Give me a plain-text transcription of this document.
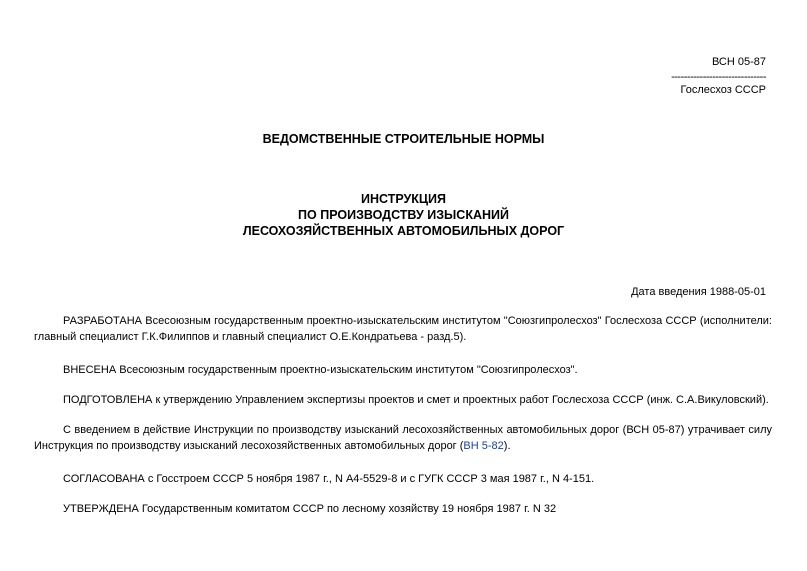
ВСН 05-87
------------------------------
Гослесхоз СССР
ВЕДОМСТВЕННЫЕ СТРОИТЕЛЬНЫЕ НОРМЫ
ИНСТРУКЦИЯ
ПО ПРОИЗВОДСТВУ ИЗЫСКАНИЙ
ЛЕСОХОЗЯЙСТВЕННЫХ АВТОМОБИЛЬНЫХ ДОРОГ
Дата введения 1988-05-01
РАЗРАБОТАНА Всесоюзным государственным проектно-изыскательским институтом "Союзгипролесхоз" Гослесхоза СССР (исполнители: главный специалист Г.К.Филиппов и главный специалист О.Е.Кондратьева - разд.5).
ВНЕСЕНА Всесоюзным государственным проектно-изыскательским институтом "Союзгипролесхоз".
ПОДГОТОВЛЕНА к утверждению Управлением экспертизы проектов и смет и проектных работ Гослесхоза СССР (инж. С.А.Викуловский).
С введением в действие Инструкции по производству изысканий лесохозяйственных автомобильных дорог (ВСН 05-87) утрачивает силу Инструкция по производству изысканий лесохозяйственных автомобильных дорог (ВН 5-82).
СОГЛАСОВАНА с Госстроем СССР 5 ноября 1987 г., N А4-5529-8 и с ГУГК СССР 3 мая 1987 г., N 4-151.
УТВЕРЖДЕНА Государственным комитатом СССР по лесному хозяйству 19 ноября 1987 г. N 32
